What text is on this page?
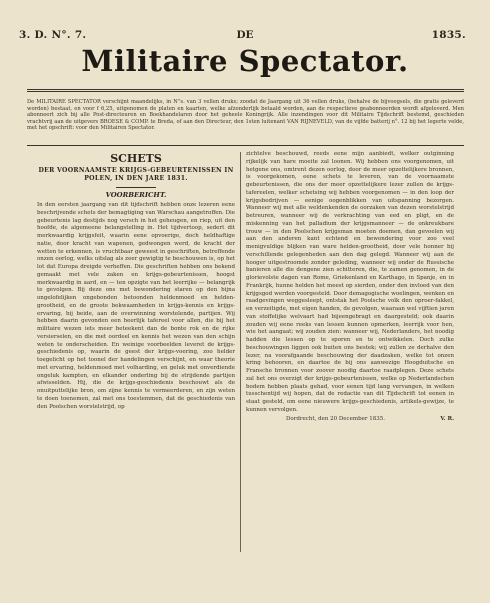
3. D. N°. 7.	DE	1835.
Militaire Spectator.
De MILITAIRE SPECTATOR verschijnt maandelijks, in N°s. van 3 vellen druks; zoodat de Jaargang uit 36 vellen druks, (behalve de bijvoegsels, die gratis geleverd worden) bestaat, en voor f 6,25, uitgenomen de platen en kaarten, welke afzonderlijk betaald worden, aan de respectieve geabonneerden wordt afgeleverd. Men abonneert zich bij alle Post-directeuren en Boekhandelaren door het geheele Koningrijk. Alle inzendingen voor dit Militaire Tijdschrift bestemd, geschieden vrachtvrij aan de uitgevers BROESE & COMP. te Breda, of aan den Directeur, den 1sten luitenant VAN RIJNEVELD, van de vijfde batterij n°. 12 bij het legerte velde, met het opschrift: voor den Militairen Spectator.

SCHETS

DER VOORNAAMSTE KRIJGS-GEBEURTENISSEN IN

POLEN, IN DEN JARE 1831.

VOORBERICHT.

In den eersten jaargang van dit tijdschrift hebben onze lezeren eene beschrijvende schets der bemagtiging van Warschau aangetroffen. Die gebeurtenis lag destijds nog versch in het geheugen, en riep, uit den hoofde, de algemeene belangstelling in. Het tijdvertoop, sedert dit merkwaardig krijgsfeit, waarin eene opvoerige, doch heldhaftige natie, door kracht van wapenen, gedwongen werd, de kracht der wetten te erkennen, is vruchtbaar geweest in geschriften, betreffende onzen oorlog, welks uitslag als zeer gewigtig te beschouwen is, op het lot dat Europa dreigde verheffen. Die geschriften hebben ons bekend gemaakt met vele zaken en krijgs-gebeurtenissen, hoogst merkwaardig in aard, en — ten opzigte van het leerrijke — belangrijk te gevolgen. Bij deze ons met bewondering staren op den bijna ongelofelijken ongebonden betoonden heldenmoed en helden-grootheid, en de groote bekwaamheden in krijgs-kennis en krijgs-ervaring, bij beide, aan de overwinning worstelende, partijen. Wij hebben daarin gevonden een heerlijk tafereel voor allen, die bij het militaire wezen iets meer beteekent dan de bonte rok en de rijke versierselen, en die met oordeel en kennis het wezen van den schijn weten te onderscheiden. En weinige voorbeelden leveret de krijgs-geschiedenis op, waarin de geest der krijgs-voering, zoo helder toegelicht op het toonel der handelingen verschijnt, en waar theorie met ervaring, heldenmoed met volharding, en geluk met onverdiende ongeluk kampten, en elkander onderling bij de strijdende partijen afwisselden. Hij, die de krijgs-geschiedenis beschouwt als de onuitputtelijke bron, om zijne kennis te vermeerderen, en zijn weten te doen toenemen, zal met ons toestemmen, dat de geschiedenis van den Poolschen worstelstrijd, op

zichtelve beschouwd, reeds eene mijn aanbiedt, welker outginning rijkelijk van hare moeite zal loonen. Wij hebben ons voorgenomen, uit hetgene ons, omtrent dezen oorlog, door de meer opzettelijkere bronnen, is voorgekomen, eene schets te leveren, van de voornaamste gebeurtenissen, die ons der meer opzettelijkere lezer zullen de krijgs-tafereelen, welker schetsing wij hebben voorgenomen — in den loop der krijgsbedrijven — eenige oogenblikken van uitspanning bezorgen. Wanneer wij met alle weldenkenden de oorzaken van dezen worstelstrijd betreuren, wanneer wij de verkrachting van eed en pligt, en de miskenning van het palladium der krijgsmanneer — de onkreukbare trouw — in den Poolschen krijgsman moeten doemen, dan gevoelen wij aan den anderen kant echtend en bewondering voor zoo veel menigvuldige blijken van ware helden-grootheid, door vele honner bij verschillende gelegenheden aan den dag gelegd. Wanneer wij aan de hooger uitgestroomde zonder geleding, wanneer wij onder de Russische banieren alle die dengene zien schitteren, die, te zamen genomen, in de glorievolste dagen van Rome, Griekenland en Karthago, in Spanje, en in Frankrijk, hunne helden het meest op sierden, onder den invloed van den krijgsgod werden voorgesteld. Door demagogische woelingen, wenken en raadgevingen weggesleept, ontstak het Poolsche volk den oproer-fakkel, en verzeitigde, met eigen handen, de gevolgen, waaraan wel vijftien jaren van stoffelijke welvaart had bijeengebragt en daargesteld; ook daarin zouden wij eene reeks van lessen kunnen opmerken, leerrijk voor hen, wie het aangaat; wij zouden zien: wanneer wij, Nederlanders, het noodig hadden die lessen op te sporen en te ontwikkelen. Doch zulke beschouwingen liggen ook buiten ons bestek; wij zullen ze derhalve den lezer, na voorafgaande beschouwing der daadzaken, welke tot onzen kring behooren, en daartoe de bij ons aanwezige Hoogduitsche en Fransche bronnen voor zoover noodig daartoe raadplegen. Deze schets zal het ons overzigt der krijgs-gebeurtenissen, welke op Nederlandschen bodem hebben plaats gehad, voor eenen tijd lang vervangen, in welken tusschentijd wij hopen, dat de redactie van dit Tijdschrift tot eenen in staat gesteld, om eene nieuwere krijgs-geschiedenis, artikels-gewijze, te kunnen vervolgen.

Dordrecht, den 20 December 1835.	V. R.
